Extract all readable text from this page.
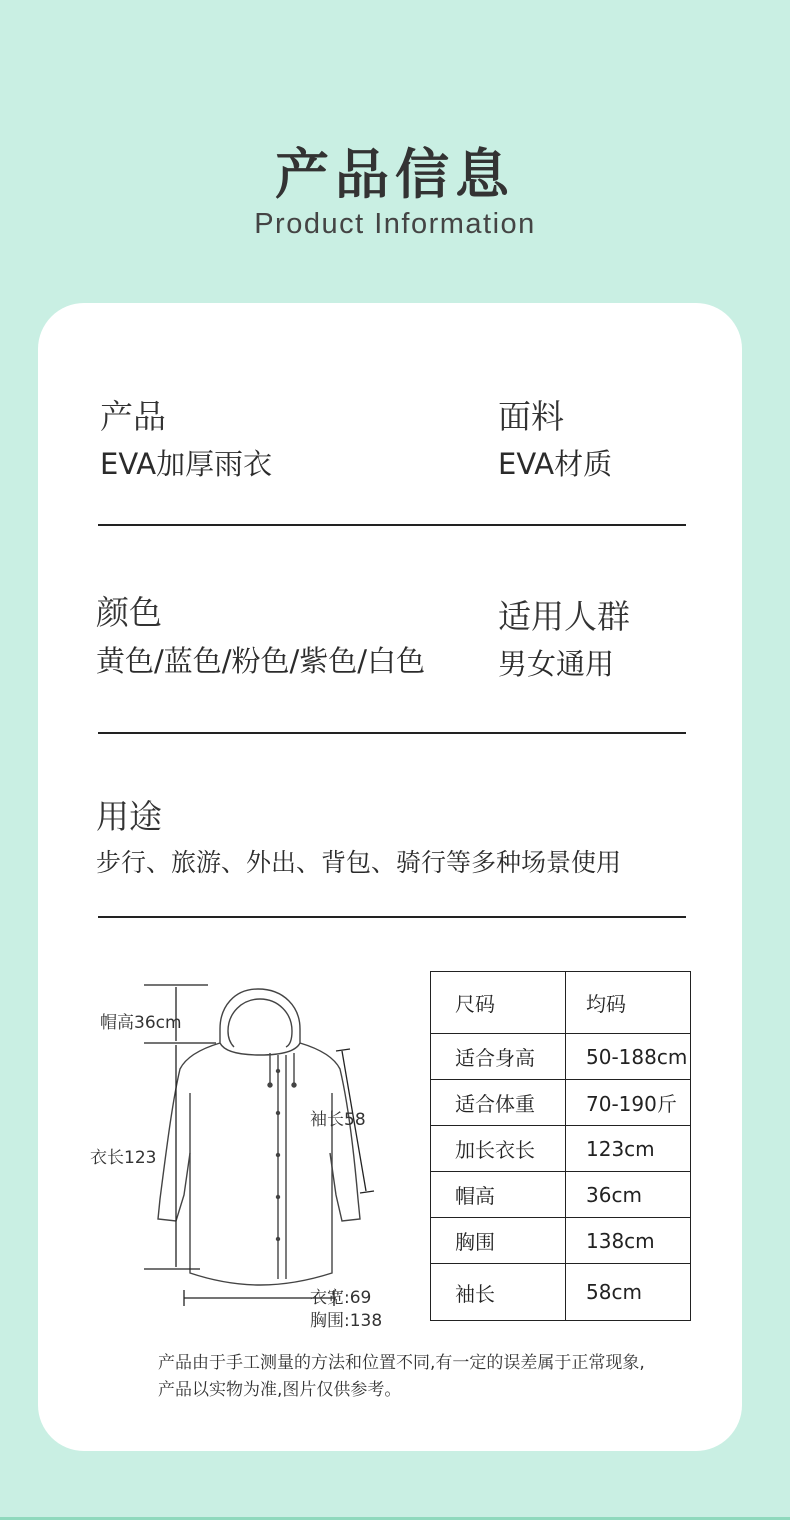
产品信息
Product Information
产品
EVA加厚雨衣
面料
EVA材质
颜色
黄色/蓝色/粉色/紫色/白色
适用人群
男女通用
用途
步行、旅游、外出、背包、骑行等多种场景使用
帽高36cm
衣长123
袖长58
衣宽:69
胸围:138
尺码	均码
适合身高	50-188cm
适合体重	70-190斤
加长衣长	123cm
帽高	36cm
胸围	138cm
袖长	58cm
产品由于手工测量的方法和位置不同,有一定的误差属于正常现象,产品以实物为准,图片仅供参考。
